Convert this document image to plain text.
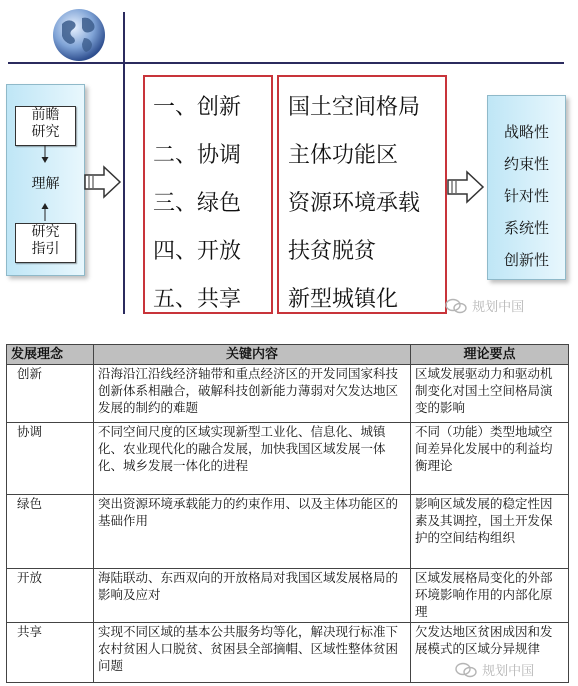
前瞻
研究
理解
研究
指引
一、创新
二、协调
三、绿色
四、开放
五、共享
国土空间格局
主体功能区
资源环境承载
扶贫脱贫
新型城镇化
战略性
约束性
针对性
系统性
创新性
规划中国
发展理念	关键内容	理论要点
创新	沿海沿江沿线经济轴带和重点经济区的开发同国家科技创新体系相融合，破解科技创新能力薄弱对欠发达地区发展的制约的难题	区域发展驱动力和驱动机制变化对国土空间格局演变的影响
协调	不同空间尺度的区域实现新型工业化、信息化、城镇化、农业现代化的融合发展，加快我国区域发展一体化、城乡发展一体化的进程	不同（功能）类型地域空间差异化发展中的利益均衡理论
绿色	突出资源环境承载能力的约束作用、以及主体功能区的基础作用	影响区域发展的稳定性因素及其调控，国土开发保护的空间结构组织
开放	海陆联动、东西双向的开放格局对我国区域发展格局的影响及应对	区域发展格局变化的外部环境影响作用的内部化原理
共享	实现不同区域的基本公共服务均等化，解决现行标准下农村贫困人口脱贫、贫困县全部摘帽、区域性整体贫困问题	欠发达地区贫困成因和发展模式的区域分异规律
规划中国
